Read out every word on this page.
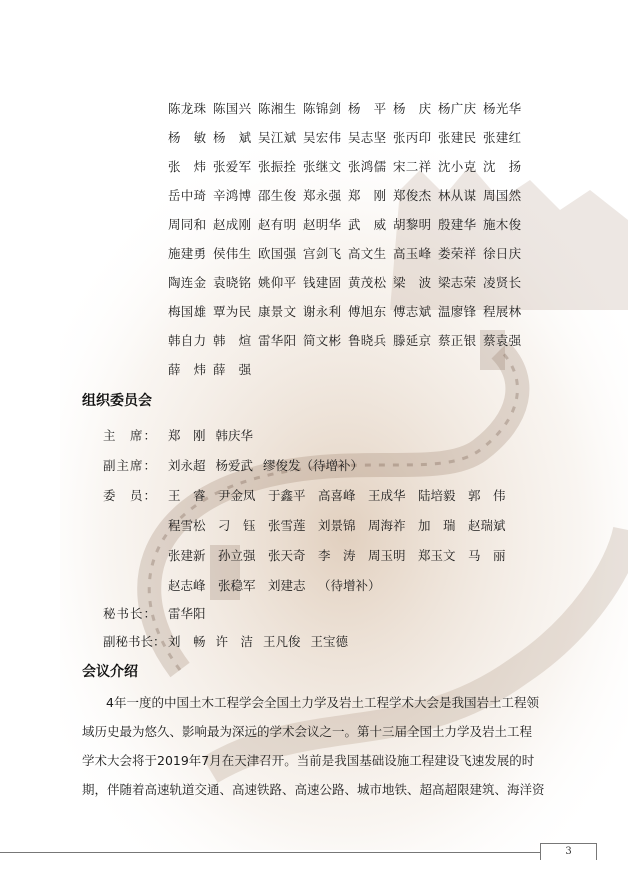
陈龙珠 陈国兴 陈湘生 陈锦剑 杨　平 杨　庆 杨广庆 杨光华
杨　敏 杨　斌 吴江斌 吴宏伟 吴志坚 张丙印 张建民 张建红
张　炜 张爱军 张振拴 张继文 张鸿儒 宋二祥 沈小克 沈　扬
岳中琦 辛鸿博 邵生俊 郑永强 郑　刚 郑俊杰 林从谋 周国然
周同和 赵成刚 赵有明 赵明华 武　威 胡黎明 殷建华 施木俊
施建勇 侯伟生 欧国强 宫剑飞 高文生 高玉峰 娄荣祥 徐日庆
陶连金 袁晓铭 姚仰平 钱建固 黄茂松 梁　波 梁志荣 凌贤长
梅国雄 覃为民 康景文 谢永利 傅旭东 傅志斌 温廖锋 程展林
韩自力 韩　煊 雷华阳 简文彬 鲁晓兵 滕延京 蔡正银 蔡袁强
薛　炜 薛　强
组织委员会
主　席： 郑　刚 韩庆华
副主席： 刘永超 杨爱武 缪俊发（待增补）
委　员： 王　睿 尹金凤 于鑫平 高喜峰 王成华 陆培毅 郭　伟
程雪松 刁　钰 张雪莲 刘景锦 周海祚 加　瑞 赵瑞斌
张建新 孙立强 张天奇 李　涛 周玉明 郑玉文 马　丽
赵志峰 张稳军 刘建志 （待增补）
秘书长： 雷华阳
副秘书长： 刘　畅 许　洁 王凡俊 王宝德
会议介绍
4年一度的中国土木工程学会全国土力学及岩土工程学术大会是我国岩土工程领
域历史最为悠久、影响最为深远的学术会议之一。第十三届全国土力学及岩土工程
学术大会将于2019年7月在天津召开。当前是我国基础设施工程建设飞速发展的时
期，伴随着高速轨道交通、高速铁路、高速公路、城市地铁、超高超限建筑、海洋资
3
